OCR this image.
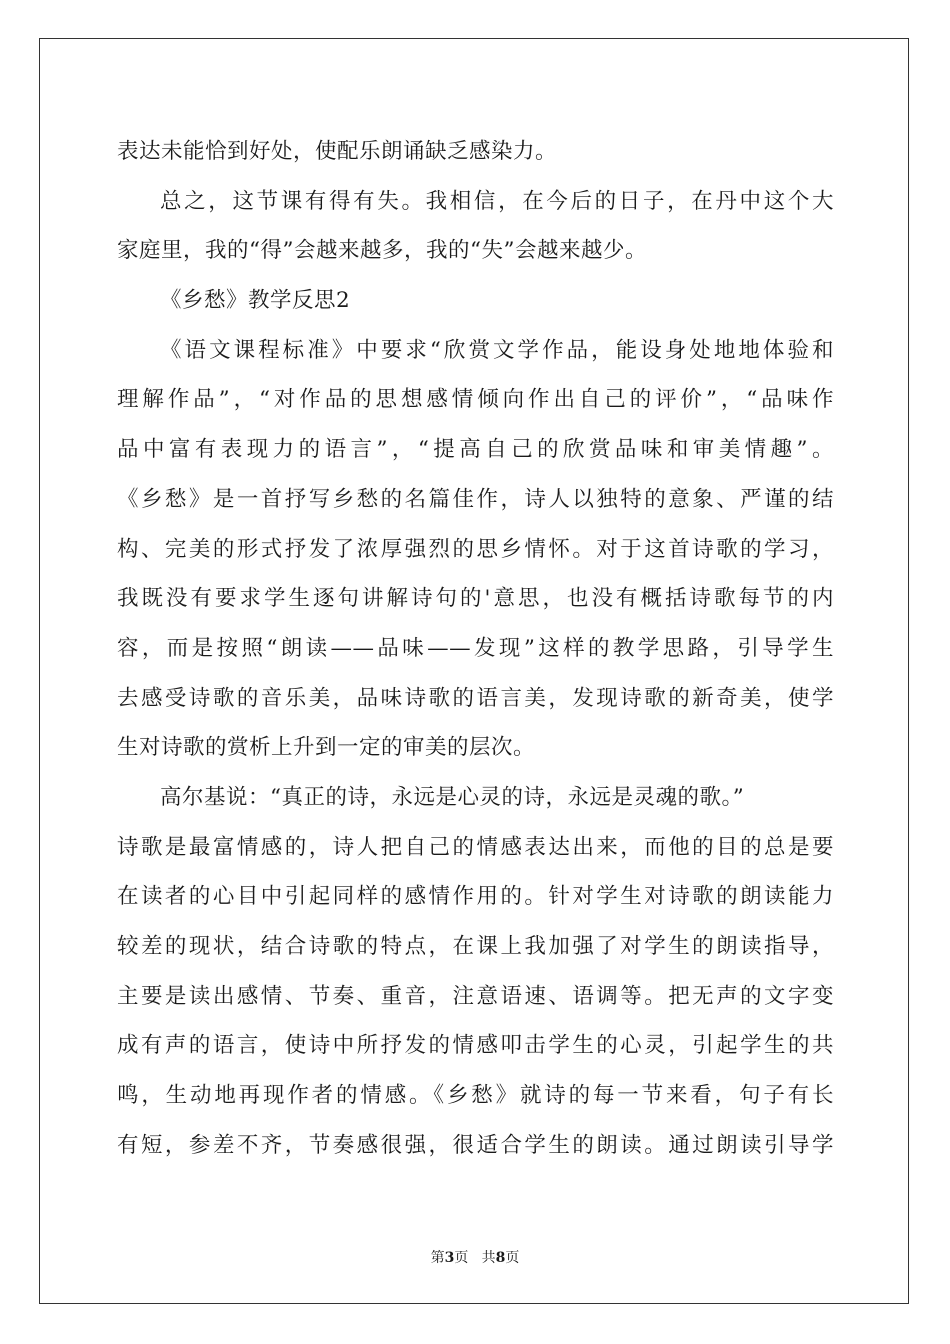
表达未能恰到好处，使配乐朗诵缺乏感染力。
总之，这节课有得有失。我相信，在今后的日子，在丹中这个大
家庭里，我的“得”会越来越多，我的“失”会越来越少。
《乡愁》教学反思2
《语文课程标准》中要求“欣赏文学作品，能设身处地地体验和
理解作品”，“对作品的思想感情倾向作出自己的评价”，“品味作
品中富有表现力的语言”，“提高自己的欣赏品味和审美情趣”。
《乡愁》是一首抒写乡愁的名篇佳作，诗人以独特的意象、严谨的结
构、完美的形式抒发了浓厚强烈的思乡情怀。对于这首诗歌的学习，
我既没有要求学生逐句讲解诗句的'意思，也没有概括诗歌每节的内
容，而是按照“朗读——品味——发现”这样的教学思路，引导学生
去感受诗歌的音乐美，品味诗歌的语言美，发现诗歌的新奇美，使学
生对诗歌的赏析上升到一定的审美的层次。
高尔基说：“真正的诗，永远是心灵的诗，永远是灵魂的歌。”
诗歌是最富情感的，诗人把自己的情感表达出来，而他的目的总是要
在读者的心目中引起同样的感情作用的。针对学生对诗歌的朗读能力
较差的现状，结合诗歌的特点，在课上我加强了对学生的朗读指导，
主要是读出感情、节奏、重音，注意语速、语调等。把无声的文字变
成有声的语言，使诗中所抒发的情感叩击学生的心灵，引起学生的共
鸣，生动地再现作者的情感。《乡愁》就诗的每一节来看，句子有长
有短，参差不齐，节奏感很强，很适合学生的朗读。通过朗读引导学
第3页   共8页
